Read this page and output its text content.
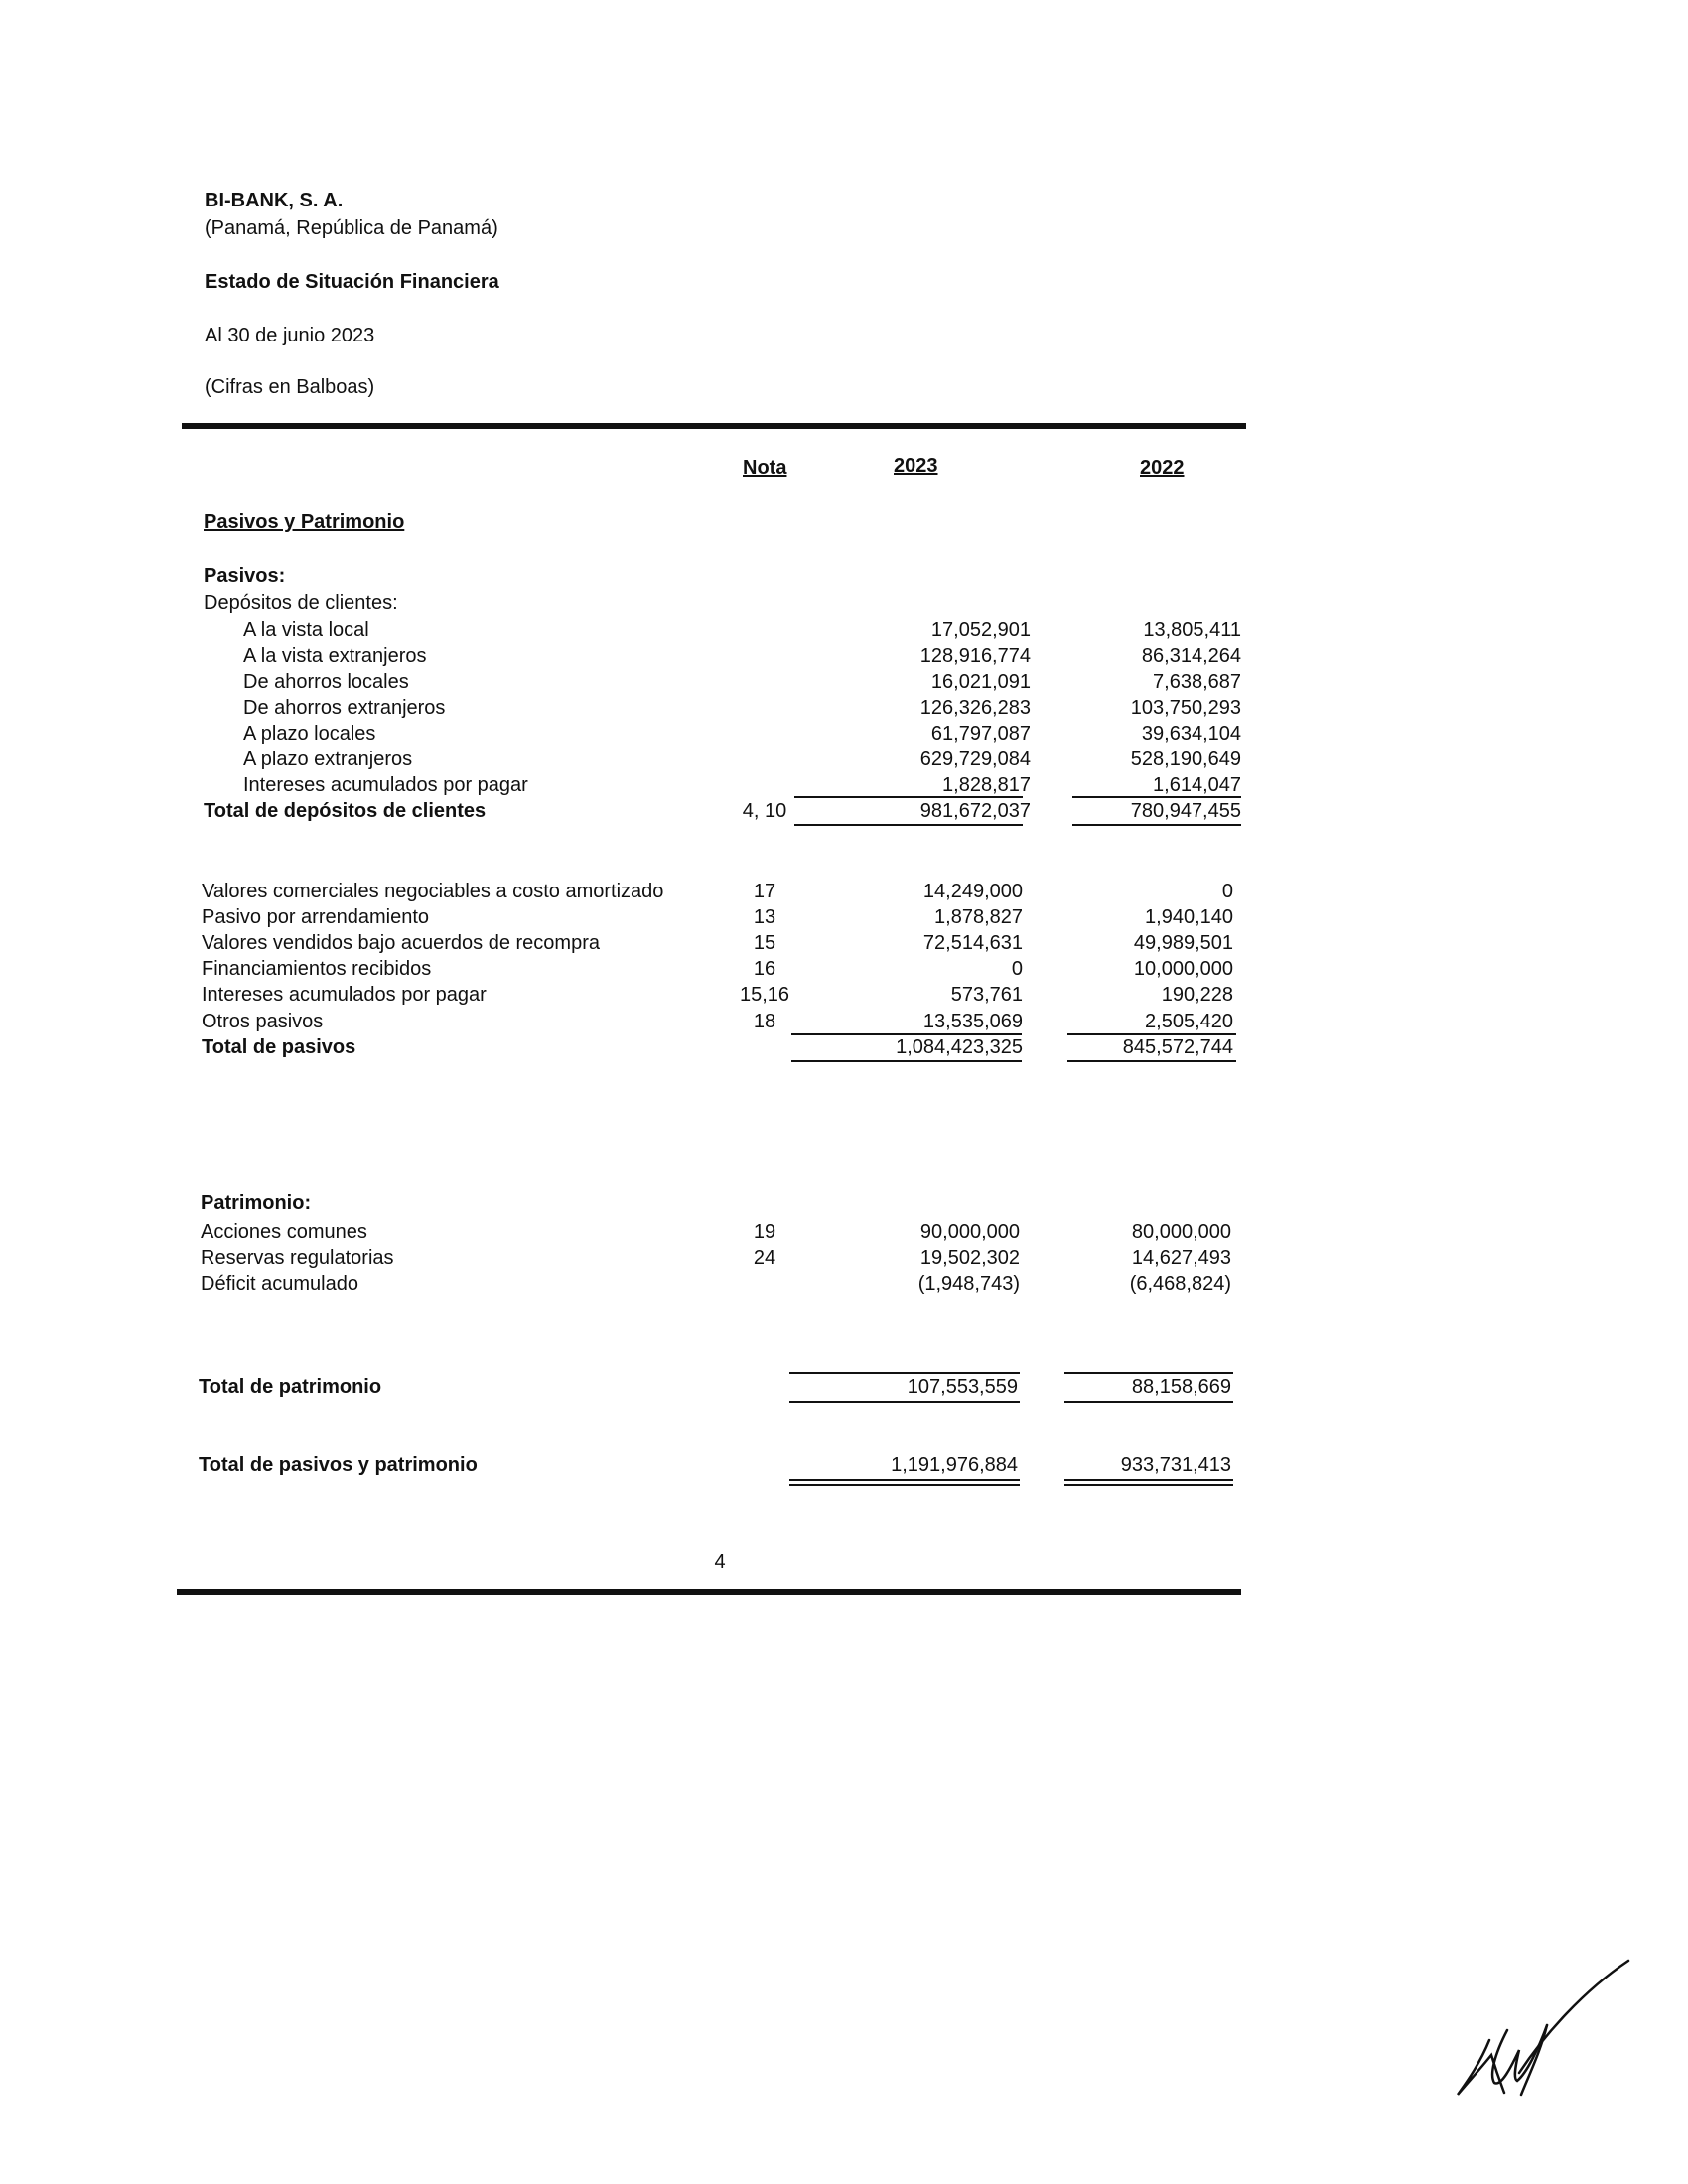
BI-BANK, S. A.
(Panamá, República de Panamá)
Estado de Situación Financiera
Al 30 de junio 2023
(Cifras en Balboas)
Nota	2023	2022
Pasivos y Patrimonio
Pasivos:
Depósitos de clientes:
A la vista local	17,052,901	13,805,411
A la vista extranjeros	128,916,774	86,314,264
De ahorros locales	16,021,091	7,638,687
De ahorros extranjeros	126,326,283	103,750,293
A plazo locales	61,797,087	39,634,104
A plazo extranjeros	629,729,084	528,190,649
Intereses acumulados por pagar	1,828,817	1,614,047
Total de depósitos de clientes	4, 10	981,672,037	780,947,455
Valores comerciales negociables a costo amortizado	17	14,249,000	0
Pasivo por arrendamiento	13	1,878,827	1,940,140
Valores vendidos bajo acuerdos de recompra	15	72,514,631	49,989,501
Financiamientos recibidos	16	0	10,000,000
Intereses acumulados por pagar	15,16	573,761	190,228
Otros pasivos	18	13,535,069	2,505,420
Total de pasivos	1,084,423,325	845,572,744
Patrimonio:
Acciones comunes	19	90,000,000	80,000,000
Reservas regulatorias	24	19,502,302	14,627,493
Déficit acumulado	(1,948,743)	(6,468,824)
Total de patrimonio	107,553,559	88,158,669
Total de pasivos y patrimonio	1,191,976,884	933,731,413
4
